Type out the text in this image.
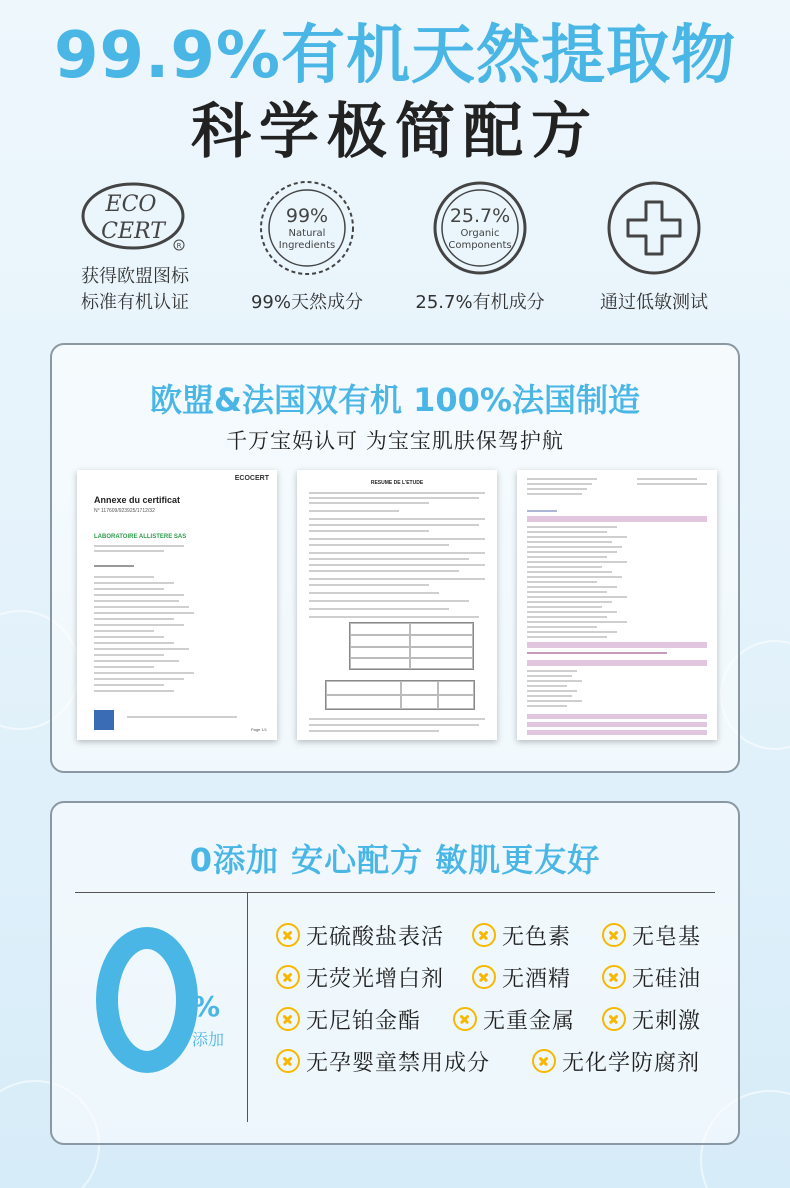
99.9%有机天然提取物
科学极简配方
ECO
CERT
R
获得欧盟图标
标准有机认证
99%
Natural
Ingredients
99%天然成分
25.7%
Organic
Components
25.7%有机成分	通过低敏测试
欧盟&法国双有机 100%法国制造
千万宝妈认可 为宝宝肌肤保驾护航
ECOCERT
Annexe du certificat
N° 117609/923925/1712/32
LABORATOIRE ALLISTERE SAS
Page 1/1
RESUME DE L'ETUDE
0添加 安心配方 敏肌更友好
0 %
添加
无硫酸盐表活	无色素	无皂基
无荧光增白剂	无酒精	无硅油
无尼铂金酯	无重金属	无刺激
无孕婴童禁用成分	无化学防腐剂
